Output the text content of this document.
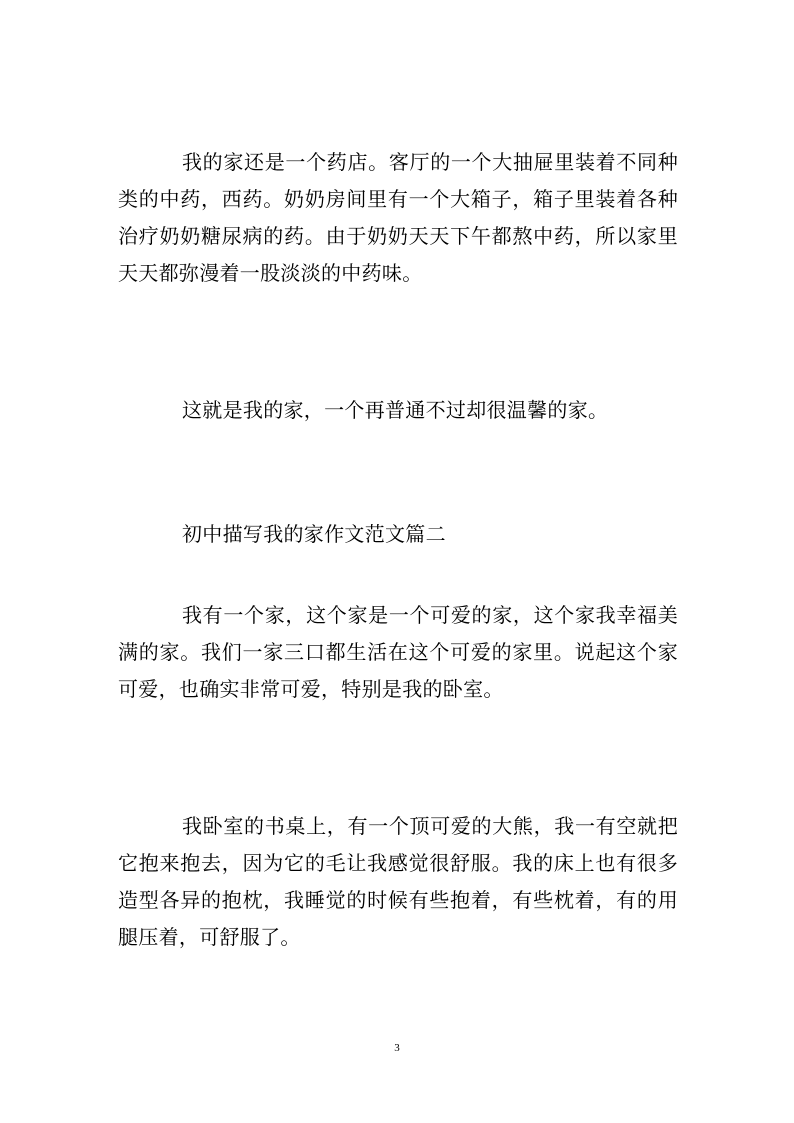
我的家还是一个药店。客厅的一个大抽屉里装着不同种类的中药，西药。奶奶房间里有一个大箱子，箱子里装着各种治疗奶奶糖尿病的药。由于奶奶天天下午都熬中药，所以家里天天都弥漫着一股淡淡的中药味。

这就是我的家，一个再普通不过却很温馨的家。

初中描写我的家作文范文篇二

我有一个家，这个家是一个可爱的家，这个家我幸福美满的家。我们一家三口都生活在这个可爱的家里。说起这个家可爱，也确实非常可爱，特别是我的卧室。

我卧室的书桌上，有一个顶可爱的大熊，我一有空就把它抱来抱去，因为它的毛让我感觉很舒服。我的床上也有很多造型各异的抱枕，我睡觉的时候有些抱着，有些枕着，有的用腿压着，可舒服了。

3
